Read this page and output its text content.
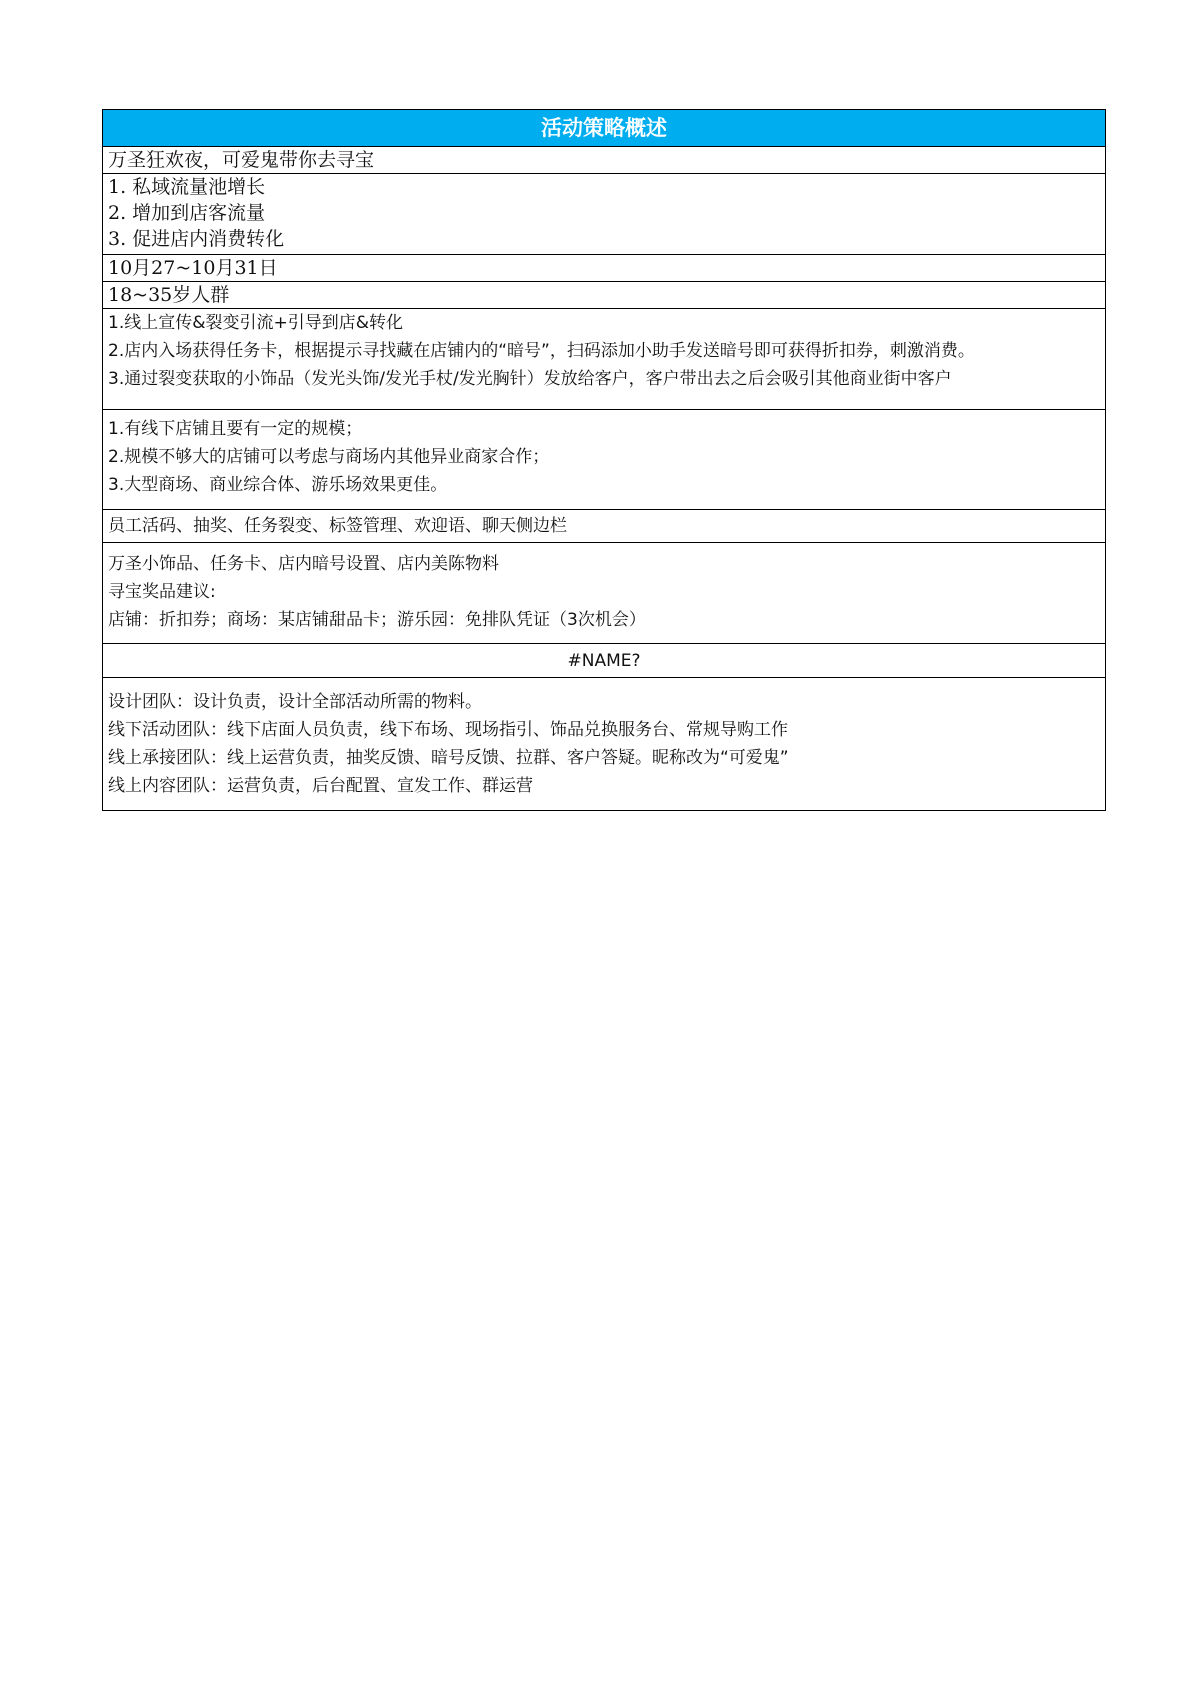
活动策略概述
万圣狂欢夜，可爱鬼带你去寻宝
1. 私域流量池增长
2. 增加到店客流量
3. 促进店内消费转化
10月27~10月31日
18~35岁人群
1.线上宣传&裂变引流+引导到店&转化
2.店内入场获得任务卡，根据提示寻找藏在店铺内的“暗号”，扫码添加小助手发送暗号即可获得折扣券，刺激消费。
3.通过裂变获取的小饰品（发光头饰/发光手杖/发光胸针）发放给客户，客户带出去之后会吸引其他商业街中客户
1.有线下店铺且要有一定的规模；
2.规模不够大的店铺可以考虑与商场内其他异业商家合作；
3.大型商场、商业综合体、游乐场效果更佳。
员工活码、抽奖、任务裂变、标签管理、欢迎语、聊天侧边栏
万圣小饰品、任务卡、店内暗号设置、店内美陈物料
寻宝奖品建议:
店铺：折扣券；商场：某店铺甜品卡；游乐园：免排队凭证（3次机会）
#NAME?
设计团队：设计负责，设计全部活动所需的物料。
线下活动团队：线下店面人员负责，线下布场、现场指引、饰品兑换服务台、常规导购工作
线上承接团队：线上运营负责，抽奖反馈、暗号反馈、拉群、客户答疑。昵称改为“可爱鬼”
线上内容团队：运营负责，后台配置、宣发工作、群运营
